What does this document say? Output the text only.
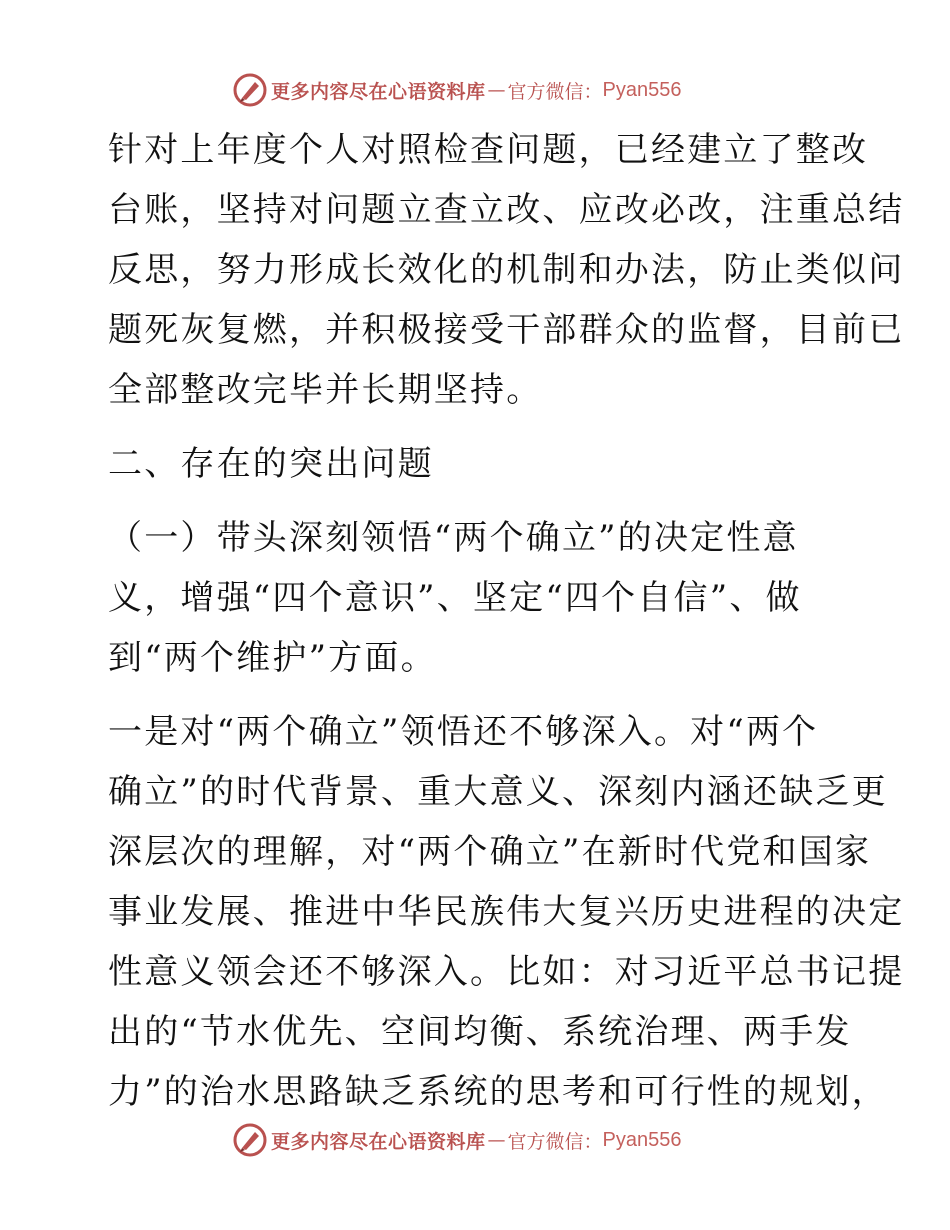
更多内容尽在心语资料库 — 官方微信： Pyan556
针对上年度个人对照检查问题，已经建立了整改
台账，坚持对问题立查立改、应改必改，注重总结
反思，努力形成长效化的机制和办法，防止类似问
题死灰复燃，并积极接受干部群众的监督，目前已
全部整改完毕并长期坚持。
二、存在的突出问题
（一）带头深刻领悟“两个确立”的决定性意
义，增强“四个意识”、坚定“四个自信”、做
到“两个维护”方面。
一是对“两个确立”领悟还不够深入。对“两个
确立”的时代背景、重大意义、深刻内涵还缺乏更
深层次的理解，对“两个确立”在新时代党和国家
事业发展、推进中华民族伟大复兴历史进程的决定
性意义领会还不够深入。比如：对习近平总书记提
出的“节水优先、空间均衡、系统治理、两手发
力”的治水思路缺乏系统的思考和可行性的规划，
更多内容尽在心语资料库 — 官方微信： Pyan556
